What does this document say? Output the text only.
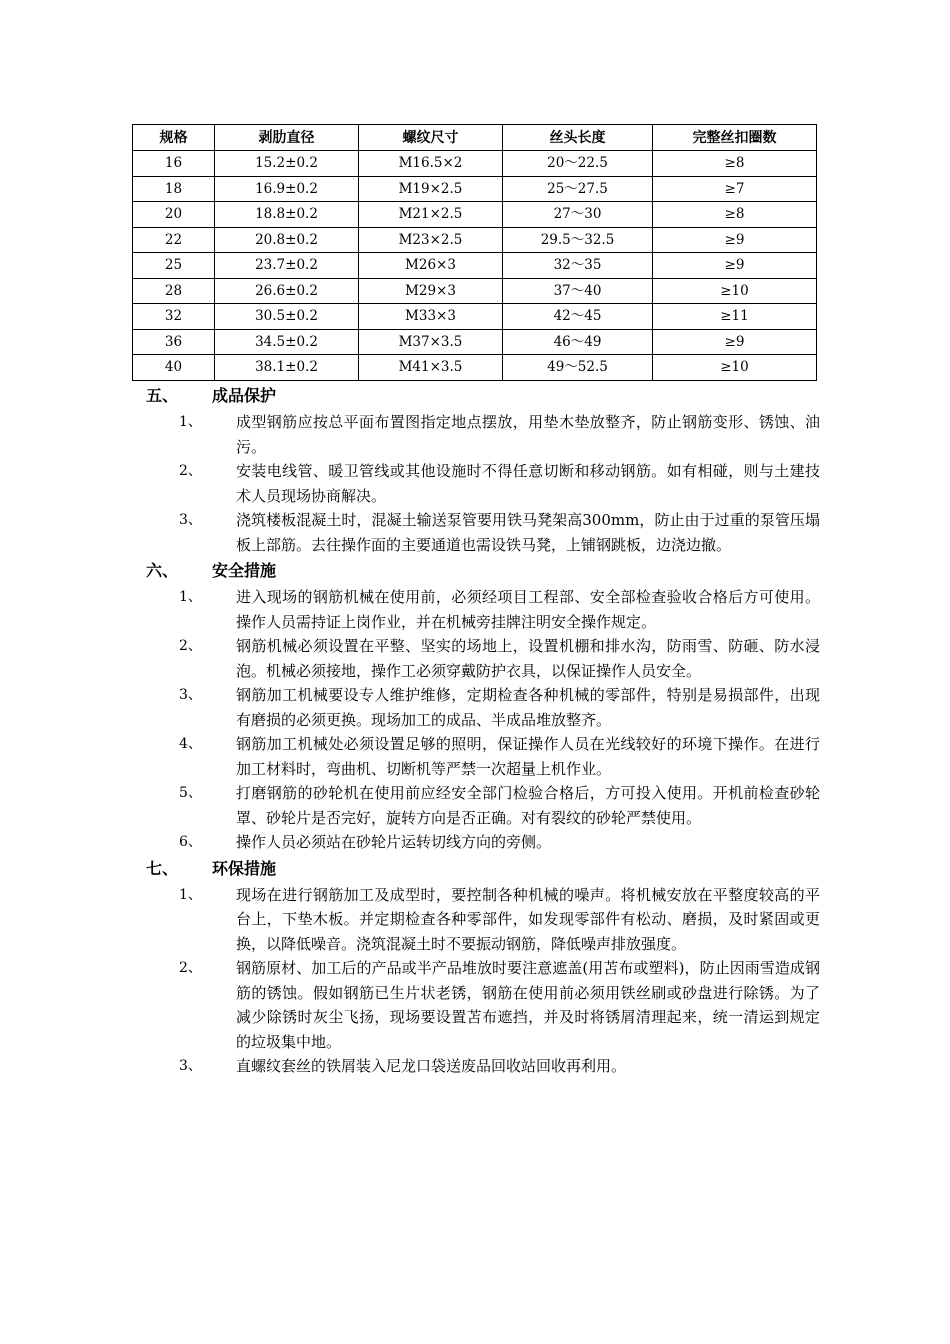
规格	剥肋直径	螺纹尺寸	丝头长度	完整丝扣圈数
16	15.2±0.2	M16.5×2	20～22.5	≥8
18	16.9±0.2	M19×2.5	25～27.5	≥7
20	18.8±0.2	M21×2.5	27～30	≥8
22	20.8±0.2	M23×2.5	29.5～32.5	≥9
25	23.7±0.2	M26×3	32～35	≥9
28	26.6±0.2	M29×3	37～40	≥10
32	30.5±0.2	M33×3	42～45	≥11
36	34.5±0.2	M37×3.5	46～49	≥9
40	38.1±0.2	M41×3.5	49～52.5	≥10
五、 成品保护
1、 成型钢筋应按总平面布置图指定地点摆放，用垫木垫放整齐，防止钢筋变形、锈蚀、油污。
2、 安装电线管、暖卫管线或其他设施时不得任意切断和移动钢筋。如有相碰，则与土建技术人员现场协商解决。
3、 浇筑楼板混凝土时，混凝土输送泵管要用铁马凳架高300mm，防止由于过重的泵管压塌板上部筋。去往操作面的主要通道也需设铁马凳，上铺钢跳板，边浇边撤。
六、 安全措施
1、 进入现场的钢筋机械在使用前，必须经项目工程部、安全部检查验收合格后方可使用。操作人员需持证上岗作业，并在机械旁挂牌注明安全操作规定。
2、 钢筋机械必须设置在平整、坚实的场地上，设置机棚和排水沟，防雨雪、防砸、防水浸泡。机械必须接地，操作工必须穿戴防护衣具，以保证操作人员安全。
3、 钢筋加工机械要设专人维护维修，定期检查各种机械的零部件，特别是易损部件，出现有磨损的必须更换。现场加工的成品、半成品堆放整齐。
4、 钢筋加工机械处必须设置足够的照明，保证操作人员在光线较好的环境下操作。在进行加工材料时，弯曲机、切断机等严禁一次超量上机作业。
5、 打磨钢筋的砂轮机在使用前应经安全部门检验合格后，方可投入使用。开机前检查砂轮罩、砂轮片是否完好，旋转方向是否正确。对有裂纹的砂轮严禁使用。
6、 操作人员必须站在砂轮片运转切线方向的旁侧。
七、 环保措施
1、 现场在进行钢筋加工及成型时，要控制各种机械的噪声。将机械安放在平整度较高的平台上，下垫木板。并定期检查各种零部件，如发现零部件有松动、磨损，及时紧固或更换，以降低噪音。浇筑混凝土时不要振动钢筋，降低噪声排放强度。
2、 钢筋原材、加工后的产品或半产品堆放时要注意遮盖(用苫布或塑料)，防止因雨雪造成钢筋的锈蚀。假如钢筋已生片状老锈，钢筋在使用前必须用铁丝刷或砂盘进行除锈。为了减少除锈时灰尘飞扬，现场要设置苫布遮挡，并及时将锈屑清理起来，统一清运到规定的垃圾集中地。
3、 直螺纹套丝的铁屑装入尼龙口袋送废品回收站回收再利用。
